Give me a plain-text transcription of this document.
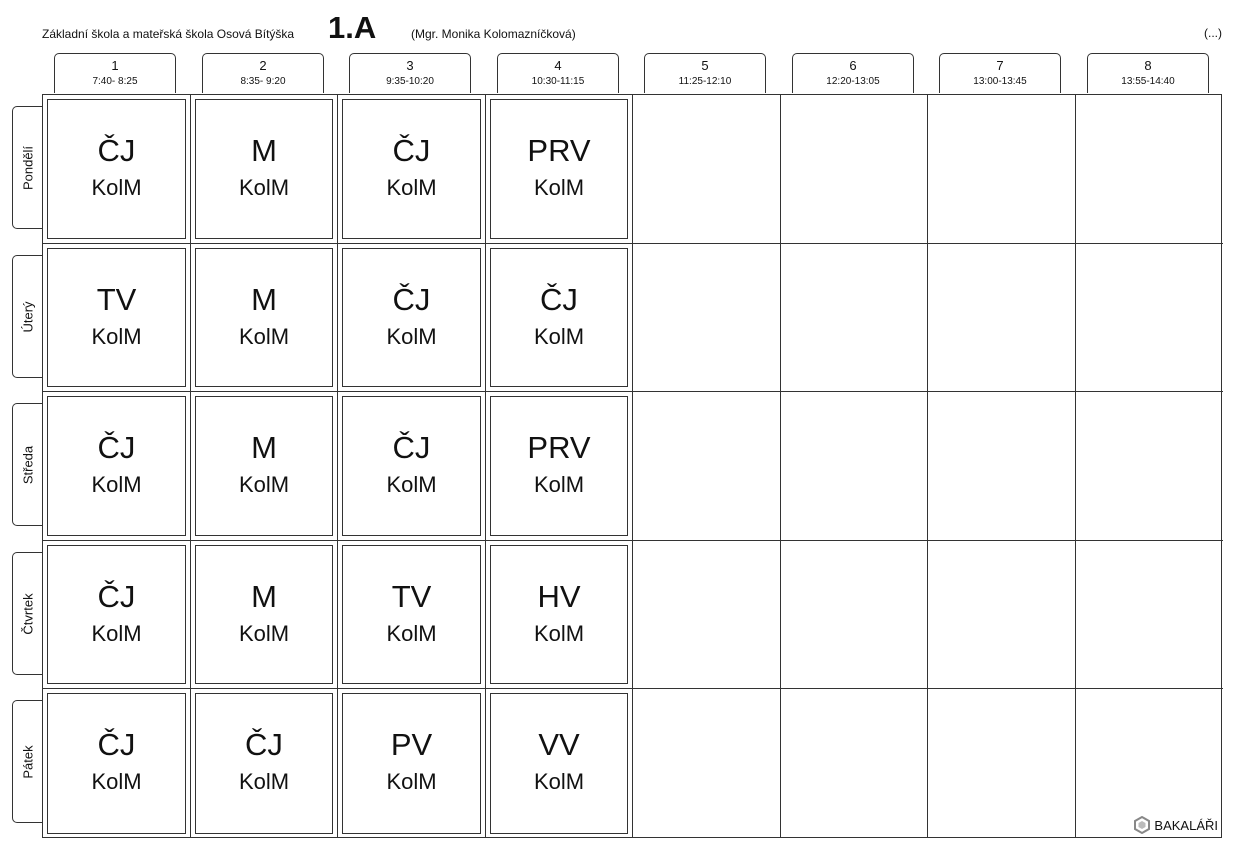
Základní škola a mateřská škola Osová Bítýška 1.A	(Mgr. Monika Kolomazníčková)	(...)
1
7:40- 8:25
2
8:35- 9:20
3
9:35-10:20
4
10:30-11:15
5
11:25-12:10
6
12:20-13:05
7
13:00-13:45
8
13:55-14:40
Pondělí
Úterý
Středa
Čtvrtek
Pátek
ČJ
KolM
M
KolM
ČJ
KolM
PRV
KolM
TV
KolM
M
KolM
ČJ
KolM
ČJ
KolM
ČJ
KolM
M
KolM
ČJ
KolM
PRV
KolM
ČJ
KolM
M
KolM
TV
KolM
HV
KolM
ČJ
KolM
ČJ
KolM
PV
KolM
VV
KolM
BAKALÁŘI
